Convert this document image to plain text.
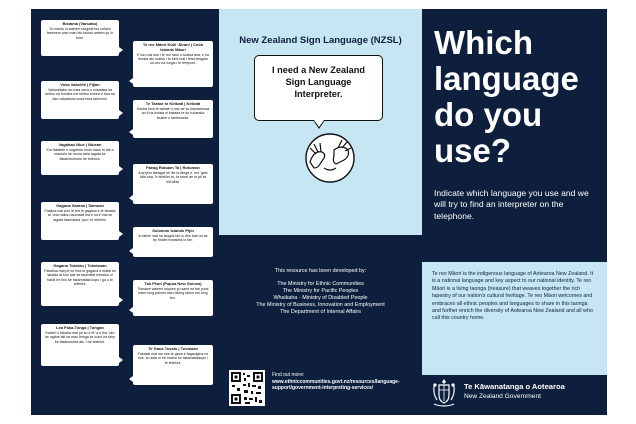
Bislama (Vanuatu)
Yu toktok lo wanem langwis bui nofalui faeenem wan man blo toktok wetem yu lo fone.
Te reo Māori Kūki ʻĀirani | Cook Islands Māori
E tuu mai koe i te reo tauu o tuatua ana, e ka timata atu matou i te kimi mai i tetai tangata un-reo na runga i te tereponi.
Vosa VakaViti | Fijian
Vakaraitaka na vosa cava o vosataka ka keitou na tovolea me keitou kunea e dua na dau vakadewa vosa ema talevomi.
Te Taetae ni Kiribati | Kiribati
Kaotia bwa te taetae n nao ae ko kamanenaa ao ti na kotaia ni kakaea te tia rudaraka ibukim n tareboonia.
Vagahau Niue | Niuean
Kia fakakite e vagahau motu hauu to tali a mautolu ke moua taha tagata ke fakahokohoko he telefoni.
Fāeag Rotuam Ta | Rotuman
Aus'ijem faeagat ne 'āe ia fāega e, me 'gelo tāla ona, 'e teleföni to, ta tenet ae ia pō ta höt'ak̄ta.
Gagana Samoa | Samoan
Faailoa mai poo le fea le gagana e te tautala ai, ona matou taumafai lea e su'e mai se tagata faamatala 'upu i le telefoni.
Solomon Islands Pijin
Iu talem wat na langus blo iu den bae mi sa try findim transleta lo fon.
Gagana Tokelau | Tokelauan
Fakailoa mai pe ko hea te gagana e mafai ke tautala ai koe kae ke taumafai kimatou ol hakili he tino ke fakamatala kupu i ga o te telefoni.	Tok Pisin (Papua New Guinea)
Toksave wanem tokples yu save na bai yumi traim long painim man bilong tanim tok long fon.
Lea Faka-Tonga | Tongan
Kataki 'o fakaha mai pe ko e fē 'a e lea 'oku ke ngāue'aki ka mau feinga ke kumi ha tahy ke fakatonulea atu 'i he telefoni.
Te Gana Tuvalu | Tuvaluan
Fakaasi mai me sea te gana e fagaoigina ne koe, ko saia ei ne matou se fakamatalaupu i te telefoni.
New Zealand Sign Language (NZSL)
I need a New Zealand Sign Language Interpreter.
This resource has been developed by:
The Ministry for Ethnic Communities
The Ministry for Pacific Peoples
Whaikaha - Ministry of Disabled People
The Ministry of Business, Innovation and Employment
The Department of Internal Affairs
Find out more:
www.ethniccommunities.govt.nz/resources/language-support/government-interpreting-services/
Which language do you use?
Indicate which language you use and we will try to find an interpreter on the telephone.

Te reo Māori is the indigenous language of Aotearoa New Zealand. It is a national language and key aspect to our national identity. Te reo Māori is a living taonga (treasure) that weaves together the rich tapestry of our nation's cultural heritage. Te reo Māori welcomes and embraces all ethnic peoples and languages to share in this taonga and further enrich the diversity of Aotearoa New Zealand and all who call this country home.

Te Kāwanatanga o Aotearoa
New Zealand Government
